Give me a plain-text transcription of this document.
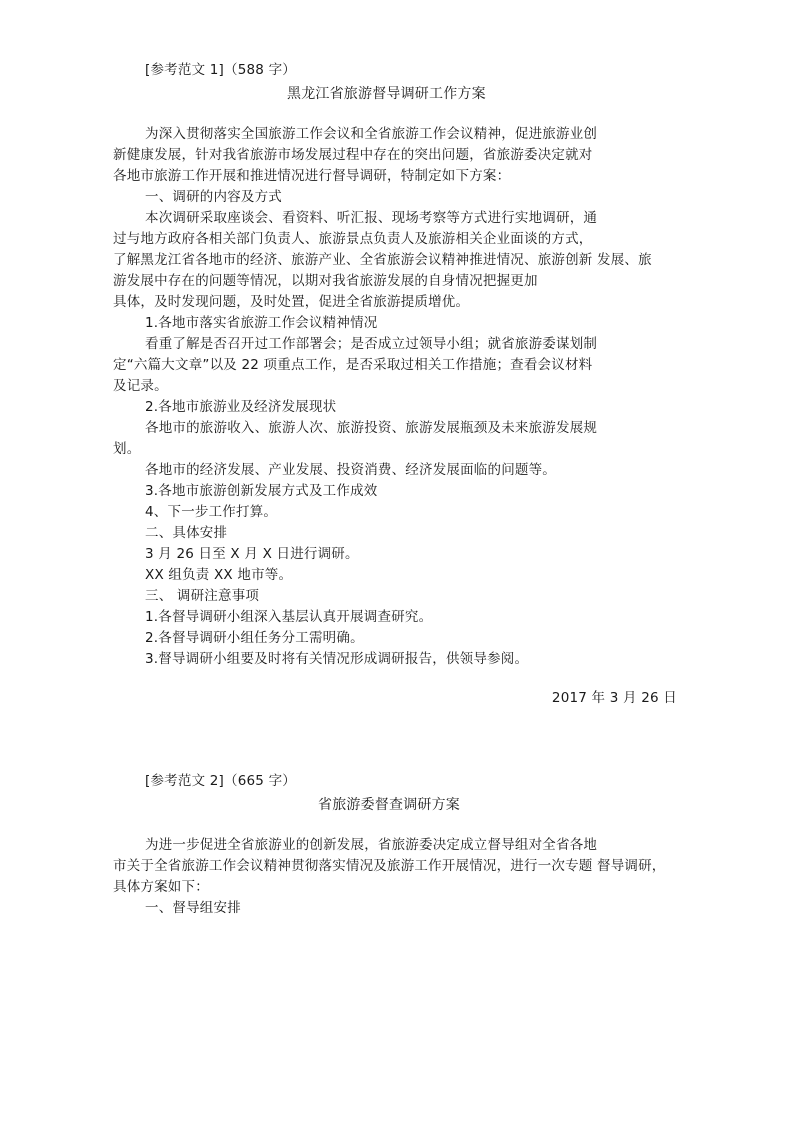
[参考范文 1]（588 字）
黑龙江省旅游督导调研工作方案
为深入贯彻落实全国旅游工作会议和全省旅游工作会议精神，促进旅游业创
新健康发展，针对我省旅游市场发展过程中存在的突出问题，省旅游委决定就对
各地市旅游工作开展和推进情况进行督导调研，特制定如下方案：
一、调研的内容及方式
本次调研采取座谈会、看资料、听汇报、现场考察等方式进行实地调研，通
过与地方政府各相关部门负责人、旅游景点负责人及旅游相关企业面谈的方式，
了解黑龙江省各地市的经济、旅游产业、全省旅游会议精神推进情况、旅游创新 发展、旅
游发展中存在的问题等情况，以期对我省旅游发展的自身情况把握更加
具体，及时发现问题，及时处置，促进全省旅游提质增优。
1.各地市落实省旅游工作会议精神情况
看重了解是否召开过工作部署会；是否成立过领导小组；就省旅游委谋划制
定“六篇大文章”以及 22 项重点工作，是否采取过相关工作措施；查看会议材料
及记录。
2.各地市旅游业及经济发展现状
各地市的旅游收入、旅游人次、旅游投资、旅游发展瓶颈及未来旅游发展规
划。
各地市的经济发展、产业发展、投资消费、经济发展面临的问题等。
3.各地市旅游创新发展方式及工作成效
4、下一步工作打算。
二、具体安排
3 月 26 日至 X 月 X 日进行调研。
XX 组负责 XX 地市等。
三、 调研注意事项
1.各督导调研小组深入基层认真开展调查研究。
2.各督导调研小组任务分工需明确。
3.督导调研小组要及时将有关情况形成调研报告，供领导参阅。
2017 年 3 月 26 日
[参考范文 2]（665 字）
省旅游委督查调研方案
为进一步促进全省旅游业的创新发展，省旅游委决定成立督导组对全省各地
市关于全省旅游工作会议精神贯彻落实情况及旅游工作开展情况，进行一次专题 督导调研，
具体方案如下：
一、督导组安排
